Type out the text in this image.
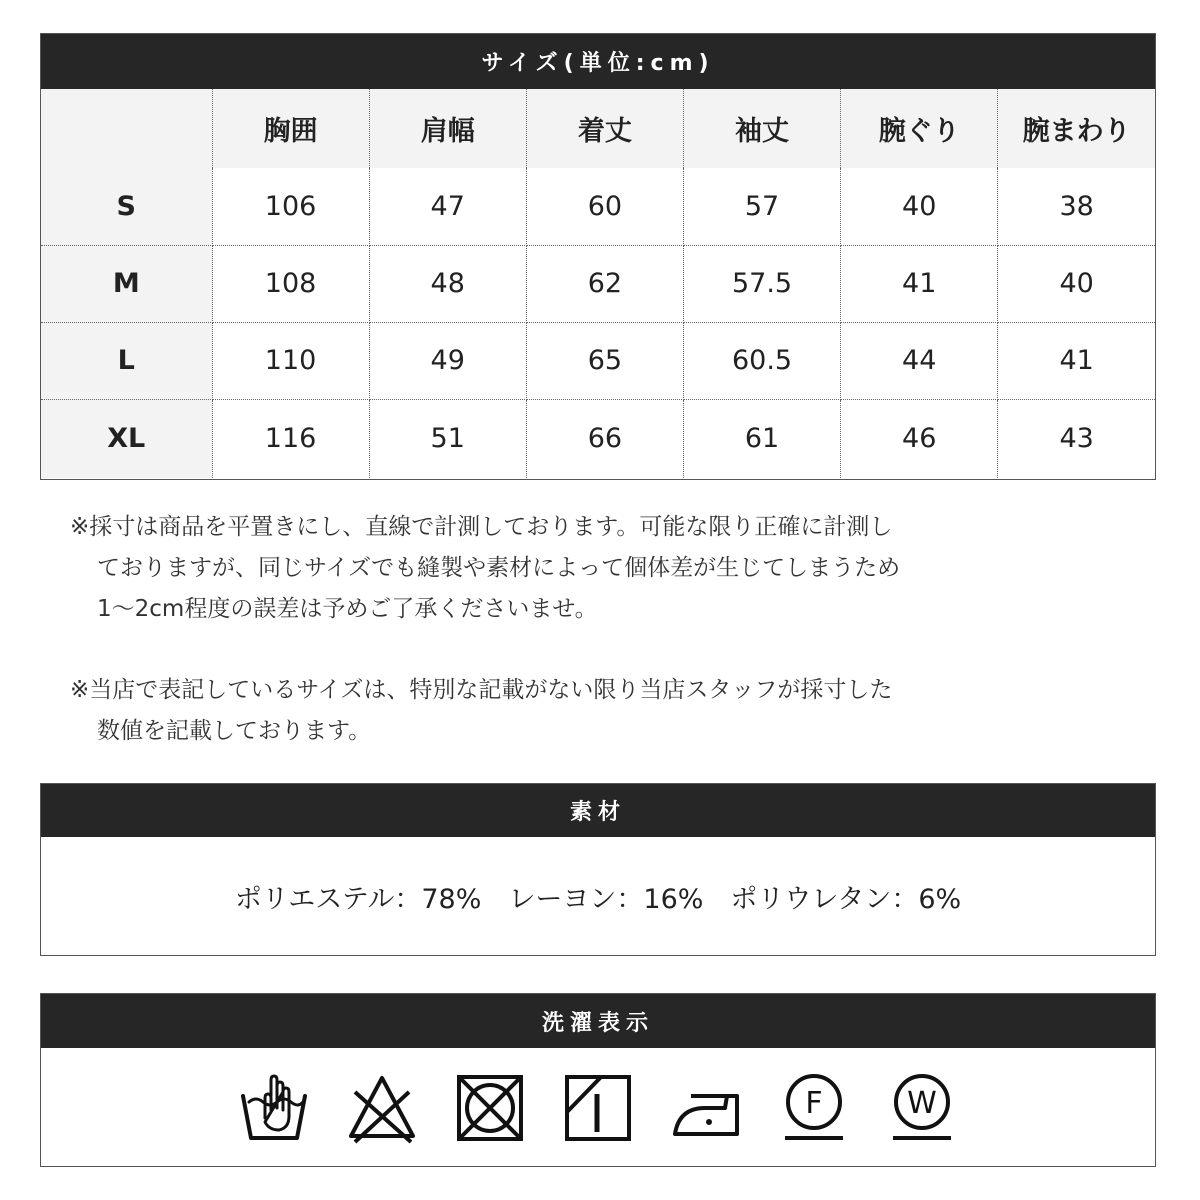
サイズ(単位:cm)
	胸囲	肩幅	着丈	袖丈	腕ぐり	腕まわり
S	106	47	60	57	40	38
M	108	48	62	57.5	41	40
L	110	49	65	60.5	44	41
XL	116	51	66	61	46	43

※採寸は商品を平置きにし、直線で計測しております。可能な限り正確に計測し

ておりますが、同じサイズでも縫製や素材によって個体差が生じてしまうため

1～2cm程度の誤差は予めご了承くださいませ。

※当店で表記しているサイズは、特別な記載がない限り当店スタッフが採寸した

数値を記載しております。

素材
ポリエステル：78%　レーヨン：16%　ポリウレタン：6%
洗濯表示
F	W
